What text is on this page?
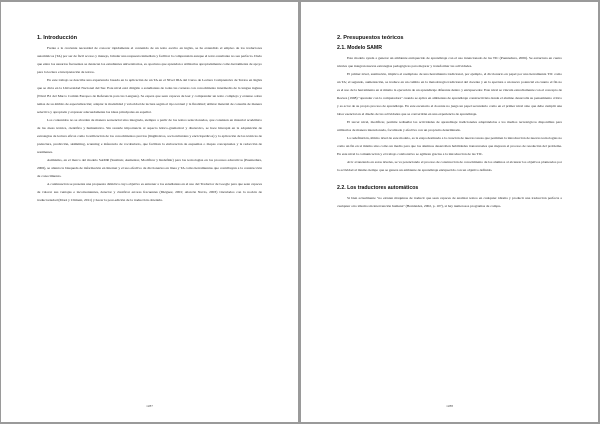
1. Introducción

Frente a la creciente necesidad de conocer rápidamente el contenido de un texto escrito en inglés, se ha extendido el empleo de los traductores automáticos (TA) por ser de fácil acceso y manejo, brindar una respuesta inmediata y facilitar la comprensión aunque el texto resultante no sea perfecto. Dado que entre los usuarios frecuentes se destacan los estudiantes universitarios, es oportuno que aprendan a utilizarlos apropiadamente como herramienta de apoyo para la lectura e interpretación de textos.

En este trabajo se describe una experiencia basada en la aplicación de un TA en el Nivel IIIA del Curso de Lectura Comprensiva de Textos en Inglés que se dicta en la Universidad Nacional del Sur. Este nivel está dirigido a estudiantes de todas las carreras con conocimiento intermedio de la lengua inglesa (Nivel B1 del Marco Común Europeo de Referencia para las Lenguas). Se espera que sean capaces de leer y comprender un texto complejo y extenso sobre temas de su ámbito de especialización; adaptar la modalidad y velocidad de lectura según el tipo textual y la finalidad; utilizar material de consulta de manera selectiva y apropiada y expresar adecuadamente las ideas principales en español.

Los contenidos no se abordan de manera secuencial sino integrada, siempre a partir de los textos seleccionados, que consisten en material académico de las áreas técnica, científica y humanística. Sin restarle importancia al aspecto léxico-gramatical y discursivo, se hace hincapié en la adquisición de estrategias de lectura eficaz como la utilización de los conocimientos previos (lingüísticos, socioculturales y enciclopédicos) y la aplicación de las técnicas de prelectura, predicción, skimming, scanning e inferencia de vocabulario, que facilitan la elaboración de esquemas o mapas conceptuales y la redacción de resúmenes.

Asimismo, en el marco del modelo SAMR (Sustituir, Aumentar, Modificar y Redefinir) para las tecnologías en los procesos educativos (Puentedura, 2006), se alienta la búsqueda de información en Internet y el uso efectivo de diccionarios en línea y TA como herramientas que contribuyen a la construcción de conocimiento.

A continuación se presenta una propuesta didáctica cuyo objetivo es entrenar a los estudiantes en el uso del Traductor de Google para que sean capaces de valorar sus ventajas e inconvenientes, detectar y clasificar errores frecuentes (Diéguez, 2001; Alarcón Navío, 2003) vinculados con la noción de traductoriedad (Moré y Climent, 2011) y hacer la post-edición de la traducción obtenida.

1287
2. Presupuestos teóricos
2.1. Modelo SAMR

Este modelo ayuda a generar un ambiente enriquecido de aprendizaje con el uso intencionado de las TIC (Puentedura, 2006). Se estructura en cuatro niveles que integran nuevas estrategias pedagógicas para mejorar y transformar las actividades.

El primer nivel, sustitución, implica el reemplazo de una herramienta tradicional, por ejemplo, el diccionario en papel por una herramienta TIC como un TA; el segundo, aumentación, se traduce en un cambio en la metodología tradicional del docente y en la apertura a un nuevo potencial en cuanto el fin no es el uso de la herramienta en sí mismo la ejecución de un aprendizaje diferente dentro y enriquecedor. Este nivel se vincula estrechamente con el concepto de Reeves (1998) "aprender con la computadora" cuando se aplica en ambientes de aprendizaje constructivista donde el alumno desarrolla su pensamiento crítico y es actor de su propio proceso de aprendizaje. En este escenario el docente no juega un papel secundario como en el primer nivel sino que debe cumplir una labor esencial en el diseño de las actividades que se convertirán en una experiencia de aprendizaje.

El tercer nivel, modificar, permite rediseñar las actividades de aprendizaje tradicionales adaptándolas a los medios tecnológicos disponibles para utilizarlos de manera intencionada, focalizada y efectiva con un propósito determinado.

La redefinición, último nivel de este modelo, es la etapa destinada a la creación de nuevas tareas que permiten la introducción de nuevas tecnologías no como un fin en sí mismo sino como un medio para que los alumnos desarrollen habilidades transversales que mejoren el proceso de resolución del problema. En este nivel la comunicación y el trabajo colaborativo se agilizan gracias a la introducción de las TIC.

Al ir avanzando en estos niveles, se va potenciando el proceso de construcción de conocimiento de los alumnos al alcanzar los objetivos planteados por la actividad al mismo tiempo que se genera un ambiente de aprendizaje enriquecido con un objetivo definido.

2.2. Los traductores automáticos

Si bien actualmente "no existen máquinas de traducir que sean capaces de analizar textos en cualquier idioma y producir una traducción perfecta a cualquier otro idioma sin intervención humana" (Hernández, 2002, p. 107), si hay numerosos programas de compu-

1288
